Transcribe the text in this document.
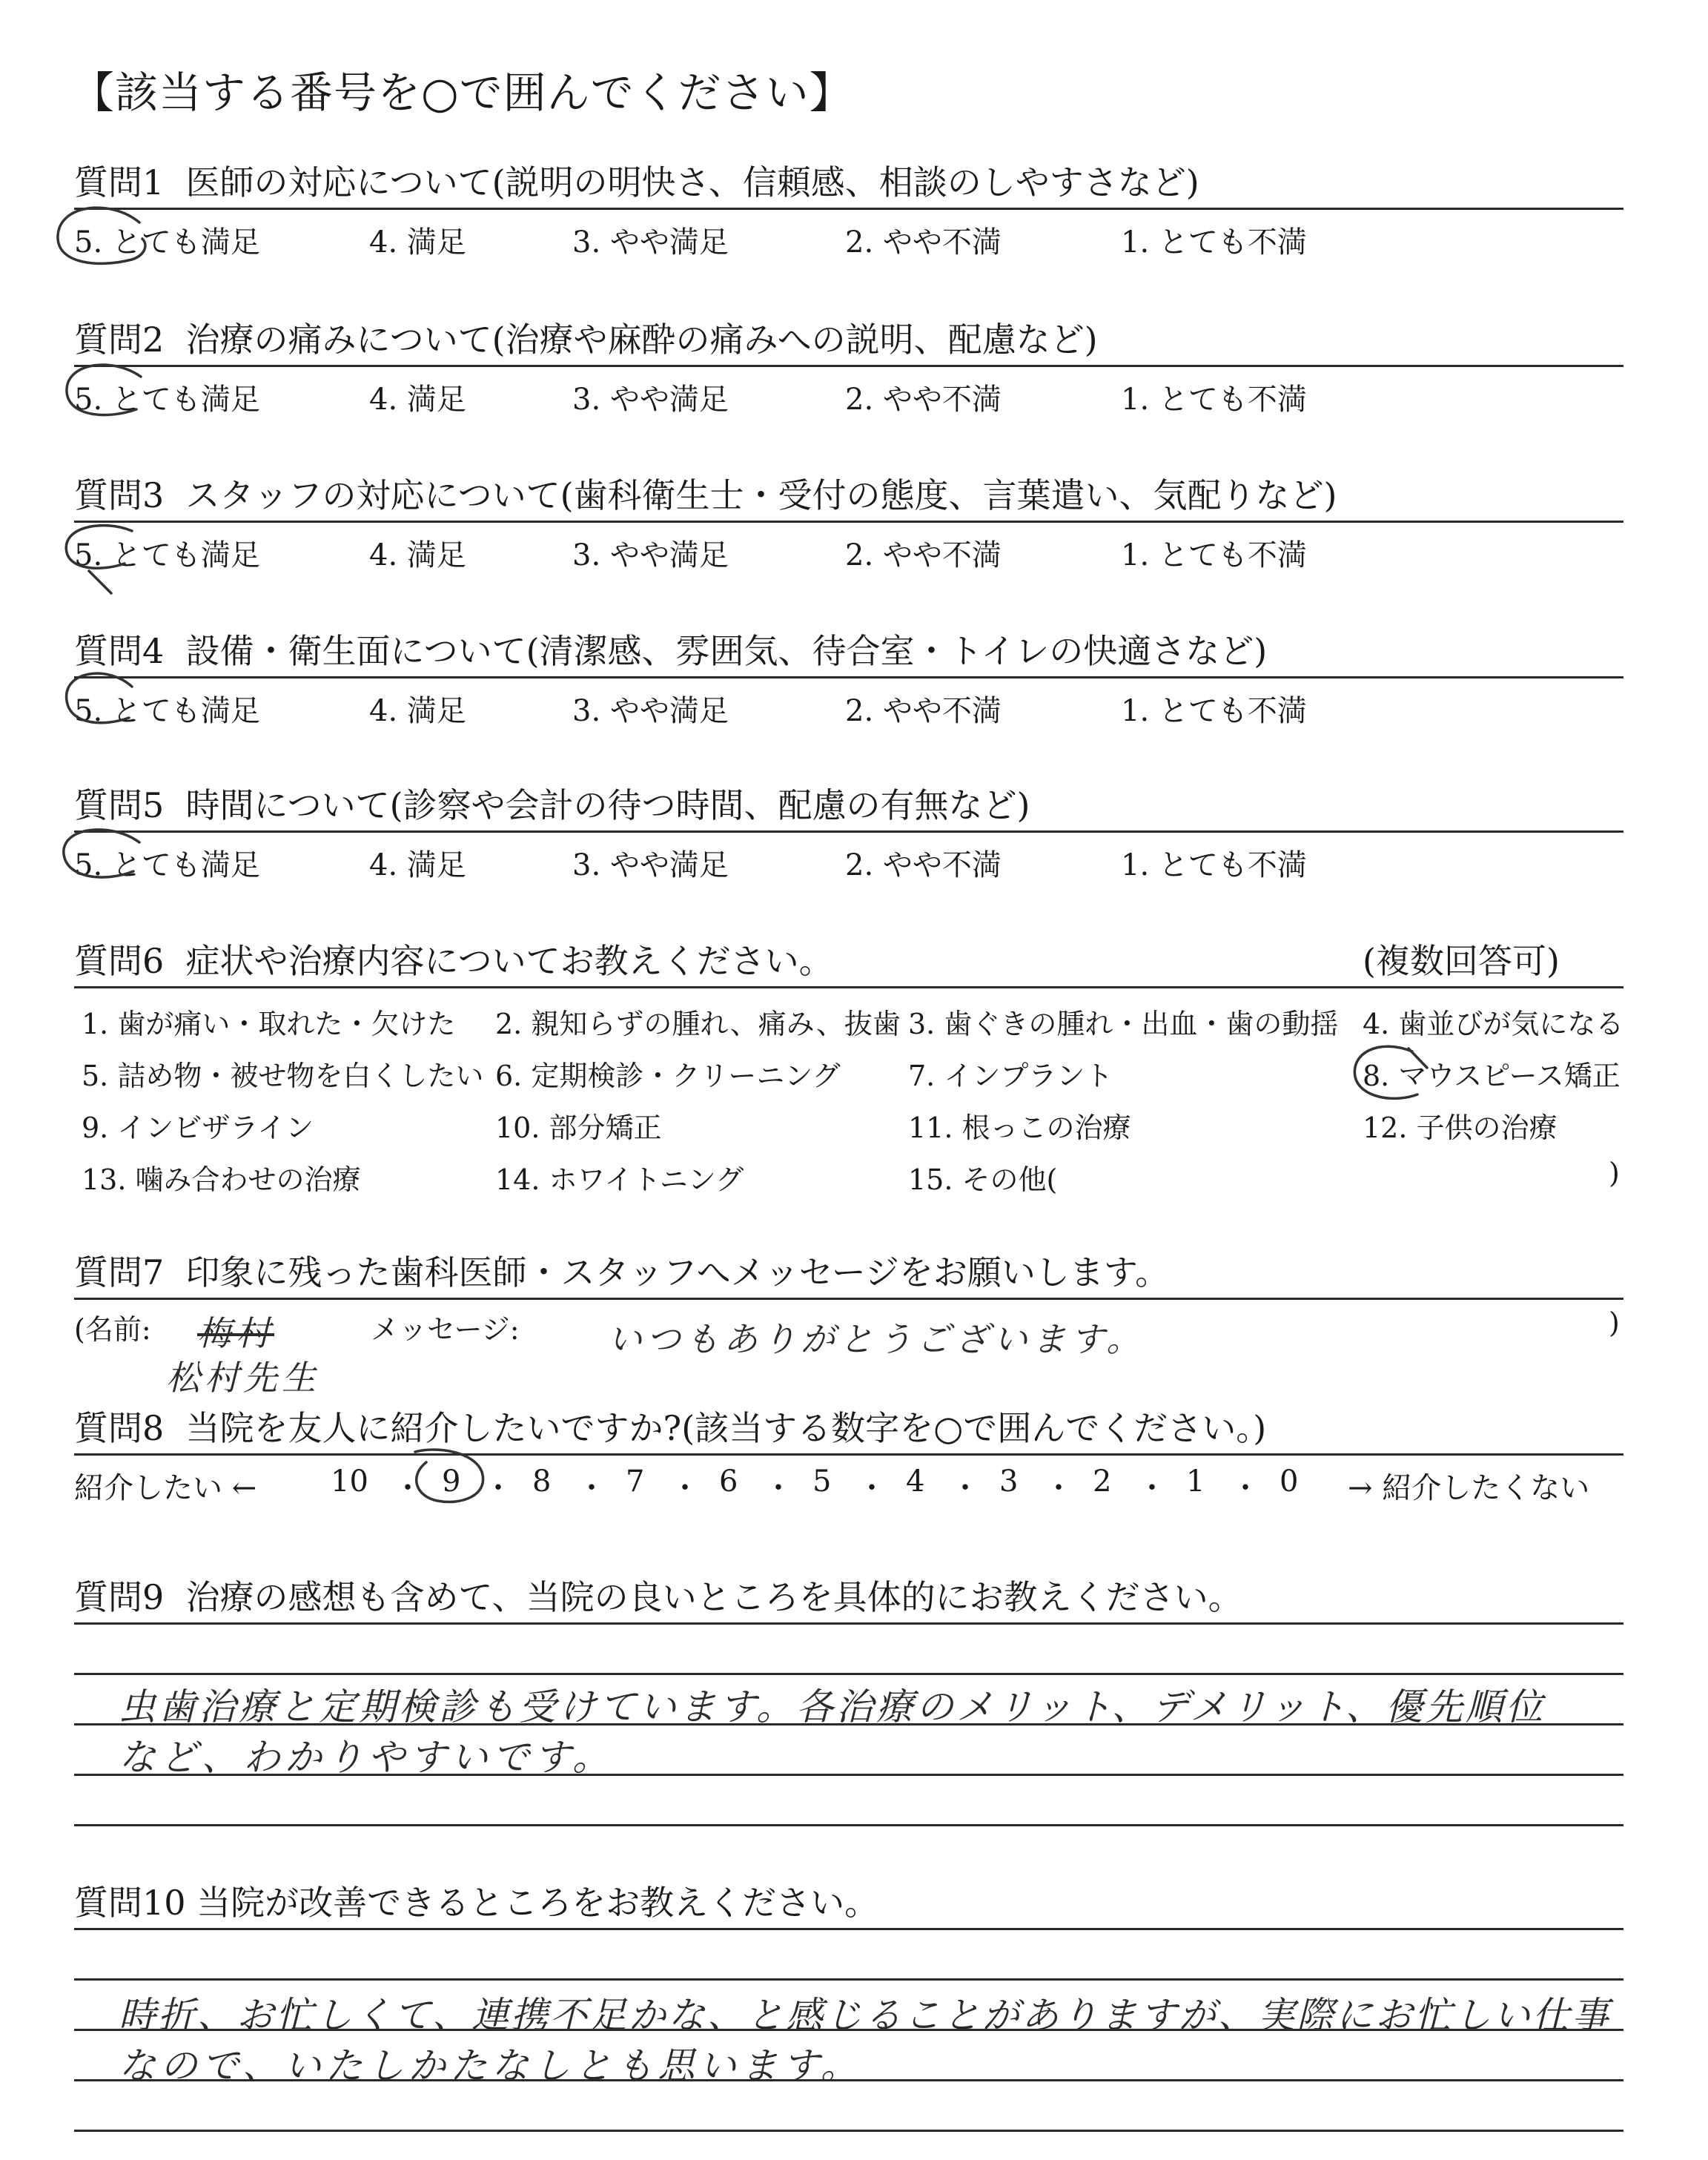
【該当する番号を○で囲んでください】
質問1 医師の対応について(説明の明快さ、信頼感、相談のしやすさなど)
5. とても満足	4. 満足	3. やや満足	2. やや不満	1. とても不満
質問2 治療の痛みについて(治療や麻酔の痛みへの説明、配慮など)
5. とても満足	4. 満足	3. やや満足	2. やや不満	1. とても不満
質問3 スタッフの対応について(歯科衛生士・受付の態度、言葉遣い、気配りなど)
5. とても満足	4. 満足	3. やや満足	2. やや不満	1. とても不満
質問4 設備・衛生面について(清潔感、雰囲気、待合室・トイレの快適さなど)
5. とても満足	4. 満足	3. やや満足	2. やや不満	1. とても不満
質問5 時間について(診察や会計の待つ時間、配慮の有無など)
5. とても満足	4. 満足	3. やや満足	2. やや不満	1. とても不満
質問6 症状や治療内容についてお教えください。	(複数回答可)
1. 歯が痛い・取れた・欠けた 2. 親知らずの腫れ、痛み、抜歯 3. 歯ぐきの腫れ・出血・歯の動揺 4. 歯並びが気になる
5. 詰め物・被せ物を白くしたい 6. 定期検診・クリーニング 7. インプラント	8. マウスピース矯正
9. インビザライン	10. 部分矯正	11. 根っこの治療	12. 子供の治療
13. 噛み合わせの治療	14. ホワイトニング	15. その他(	)
質問7 印象に残った歯科医師・スタッフへメッセージをお願いします。
(名前:	メッセージ:	)
梅村
松村先生
いつもありがとうございます。
質問8 当院を友人に紹介したいですか?(該当する数字を○で囲んでください。)
紹介したい ←	→ 紹介したくない
10 9 8	7	6	5	4	3	2	1	0
・ ・ ・ ・ ・ ・ ・ ・ ・ ・
質問9 治療の感想も含めて、当院の良いところを具体的にお教えください。
虫歯治療と定期検診も受けています。各治療のメリット、デメリット、優先順位
など、わかりやすいです。
質問10 当院が改善できるところをお教えください。
時折、お忙しくて、連携不足かな、と感じることがありますが、実際にお忙しい仕事
なので、いたしかたなしとも思います。
